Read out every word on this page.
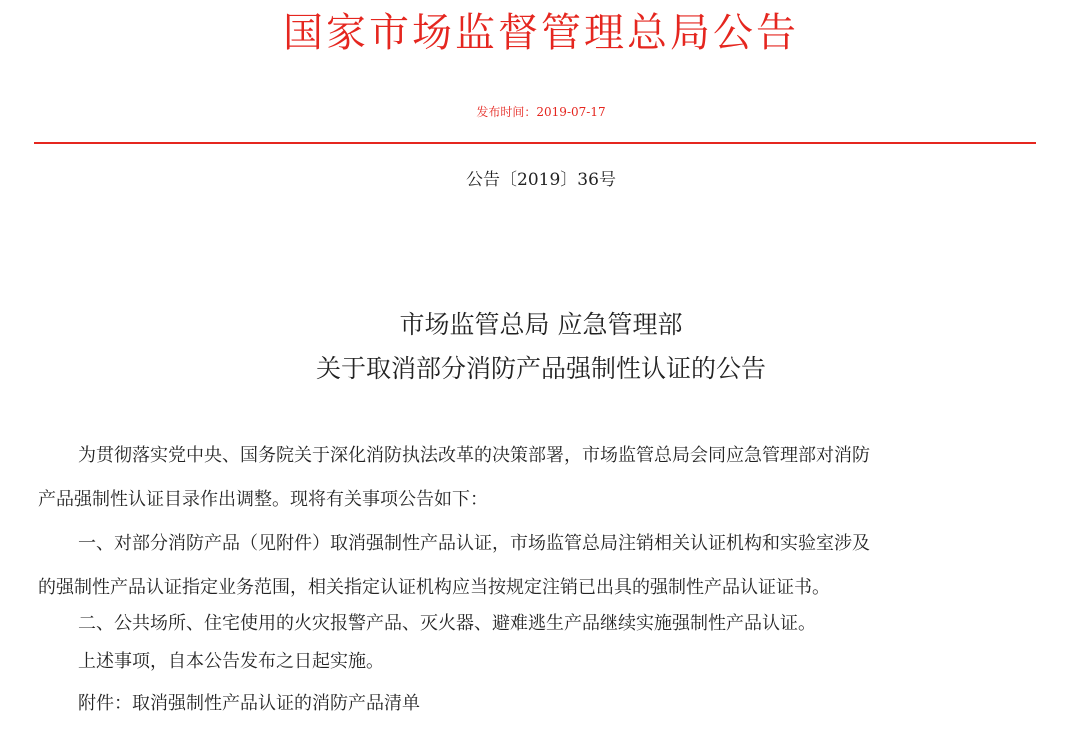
国家市场监督管理总局公告
发布时间：2019-07-17
公告〔2019〕36号
市场监管总局 应急管理部
关于取消部分消防产品强制性认证的公告
为贯彻落实党中央、国务院关于深化消防执法改革的决策部署，市场监管总局会同应急管理部对消防
产品强制性认证目录作出调整。现将有关事项公告如下：
一、对部分消防产品（见附件）取消强制性产品认证，市场监管总局注销相关认证机构和实验室涉及
的强制性产品认证指定业务范围，相关指定认证机构应当按规定注销已出具的强制性产品认证证书。
二、公共场所、住宅使用的火灾报警产品、灭火器、避难逃生产品继续实施强制性产品认证。
上述事项，自本公告发布之日起实施。
附件：取消强制性产品认证的消防产品清单
